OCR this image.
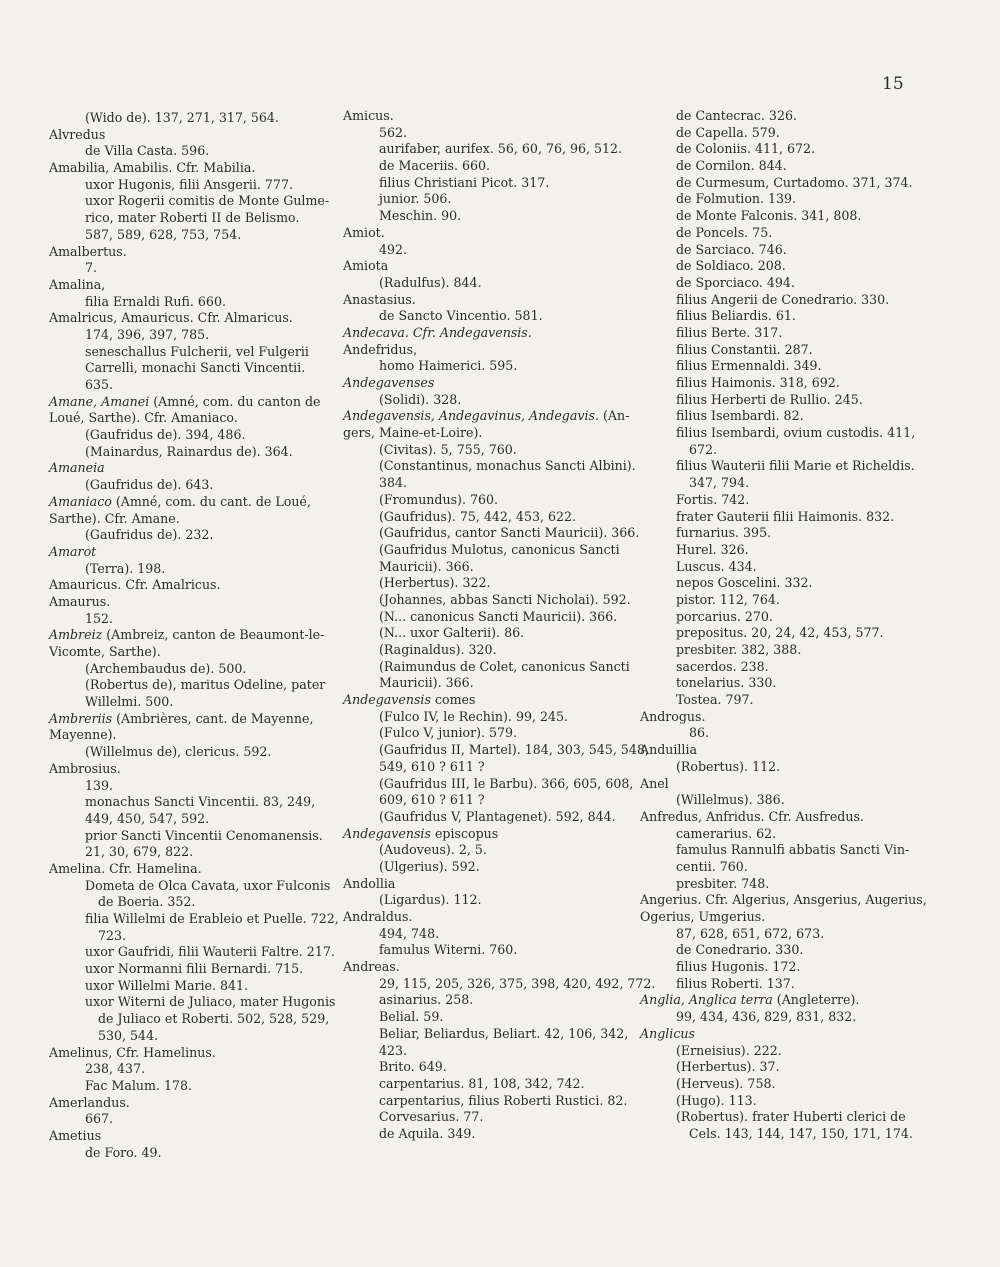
15
(Wido de). 137, 271, 317, 564.
Alvredus
de Villa Casta. 596.
Amabilia, Amabilis. Cfr. Mabilia.
uxor Hugonis, filii Ansgerii. 777.
uxor Rogerii comitis de Monte Gulme-
rico, mater Roberti II de Belismo.
587, 589, 628, 753, 754.
Amalbertus.
7.
Amalina,
filia Ernaldi Rufi. 660.
Amalricus, Amauricus. Cfr. Almaricus.
174, 396, 397, 785.
seneschallus Fulcherii, vel Fulgerii
Carrelli, monachi Sancti Vincentii.
635.
Amane, Amanei (Amné, com. du canton de
Loué, Sarthe). Cfr. Amaniaco.
(Gaufridus de). 394, 486.
(Mainardus, Rainardus de). 364.
Amaneia
(Gaufridus de). 643.
Amaniaco (Amné, com. du cant. de Loué,
Sarthe). Cfr. Amane.
(Gaufridus de). 232.
Amarot
(Terra). 198.
Amauricus. Cfr. Amalricus.
Amaurus.
152.
Ambreiz (Ambreiz, canton de Beaumont-le-
Vicomte, Sarthe).
(Archembaudus de). 500.
(Robertus de), maritus Odeline, pater
Willelmi. 500.
Ambreriis (Ambrières, cant. de Mayenne,
Mayenne).
(Willelmus de), clericus. 592.
Ambrosius.
139.
monachus Sancti Vincentii. 83, 249,
449, 450, 547, 592.
prior Sancti Vincentii Cenomanensis.
21, 30, 679, 822.
Amelina. Cfr. Hamelina.
Dometa de Olca Cavata, uxor Fulconis
de Boeria. 352.
filia Willelmi de Erableio et Puelle. 722,
723.
uxor Gaufridi, filii Wauterii Faltre. 217.
uxor Normanni filii Bernardi. 715.
uxor Willelmi Marie. 841.
uxor Witerni de Juliaco, mater Hugonis
de Juliaco et Roberti. 502, 528, 529,
530, 544.
Amelinus, Cfr. Hamelinus.
238, 437.
Fac Malum. 178.
Amerlandus.
667.
Ametius
de Foro. 49.
Amicus.
562.
aurifaber, aurifex. 56, 60, 76, 96, 512.
de Maceriis. 660.
filius Christiani Picot. 317.
junior. 506.
Meschin. 90.
Amiot.
492.
Amiota
(Radulfus). 844.
Anastasius.
de Sancto Vincentio. 581.
Andecava. Cfr. Andegavensis.
Andefridus,
homo Haimerici. 595.
Andegavenses
(Solidi). 328.
Andegavensis, Andegavinus, Andegavis. (An-
gers, Maine-et-Loire).
(Civitas). 5, 755, 760.
(Constantinus, monachus Sancti Albini).
384.
(Fromundus). 760.
(Gaufridus). 75, 442, 453, 622.
(Gaufridus, cantor Sancti Mauricii). 366.
(Gaufridus Mulotus, canonicus Sancti
Mauricii). 366.
(Herbertus). 322.
(Johannes, abbas Sancti Nicholai). 592.
(N... canonicus Sancti Mauricii). 366.
(N... uxor Galterii). 86.
(Raginaldus). 320.
(Raimundus de Colet, canonicus Sancti
Mauricii). 366.
Andegavensis comes
(Fulco IV, le Rechin). 99, 245.
(Fulco V, junior). 579.
(Gaufridus II, Martel). 184, 303, 545, 548,
549, 610 ? 611 ?
(Gaufridus III, le Barbu). 366, 605, 608,
609, 610 ? 611 ?
(Gaufridus V, Plantagenet). 592, 844.
Andegavensis episcopus
(Audoveus). 2, 5.
(Ulgerius). 592.
Andollia
(Ligardus). 112.
Andraldus.
494, 748.
famulus Witerni. 760.
Andreas.
29, 115, 205, 326, 375, 398, 420, 492, 772.
asinarius. 258.
Belial. 59.
Beliar, Beliardus, Beliart. 42, 106, 342,
423.
Brito. 649.
carpentarius. 81, 108, 342, 742.
carpentarius, filius Roberti Rustici. 82.
Corvesarius. 77.
de Aquila. 349.
de Cantecrac. 326.
de Capella. 579.
de Coloniis. 411, 672.
de Cornilon. 844.
de Curmesum, Curtadomo. 371, 374.
de Folmution. 139.
de Monte Falconis. 341, 808.
de Poncels. 75.
de Sarciaco. 746.
de Soldiaco. 208.
de Sporciaco. 494.
filius Angerii de Conedrario. 330.
filius Beliardis. 61.
filius Berte. 317.
filius Constantii. 287.
filius Ermennaldi. 349.
filius Haimonis. 318, 692.
filius Herberti de Rullio. 245.
filius Isembardi. 82.
filius Isembardi, ovium custodis. 411,
672.
filius Wauterii filii Marie et Richeldis.
347, 794.
Fortis. 742.
frater Gauterii filii Haimonis. 832.
furnarius. 395.
Hurel. 326.
Luscus. 434.
nepos Goscelini. 332.
pistor. 112, 764.
porcarius. 270.
prepositus. 20, 24, 42, 453, 577.
presbiter. 382, 388.
sacerdos. 238.
tonelarius. 330.
Tostea. 797.
Androgus.
86.
Anduillia
(Robertus). 112.
Anel
(Willelmus). 386.
Anfredus, Anfridus. Cfr. Ausfredus.
camerarius. 62.
famulus Rannulfi abbatis Sancti Vin-
centii. 760.
presbiter. 748.
Angerius. Cfr. Algerius, Ansgerius, Augerius,
Ogerius, Umgerius.
87, 628, 651, 672, 673.
de Conedrario. 330.
filius Hugonis. 172.
filius Roberti. 137.
Anglia, Anglica terra (Angleterre).
99, 434, 436, 829, 831, 832.
Anglicus
(Erneisius). 222.
(Herbertus). 37.
(Herveus). 758.
(Hugo). 113.
(Robertus). frater Huberti clerici de
Cels. 143, 144, 147, 150, 171, 174.
